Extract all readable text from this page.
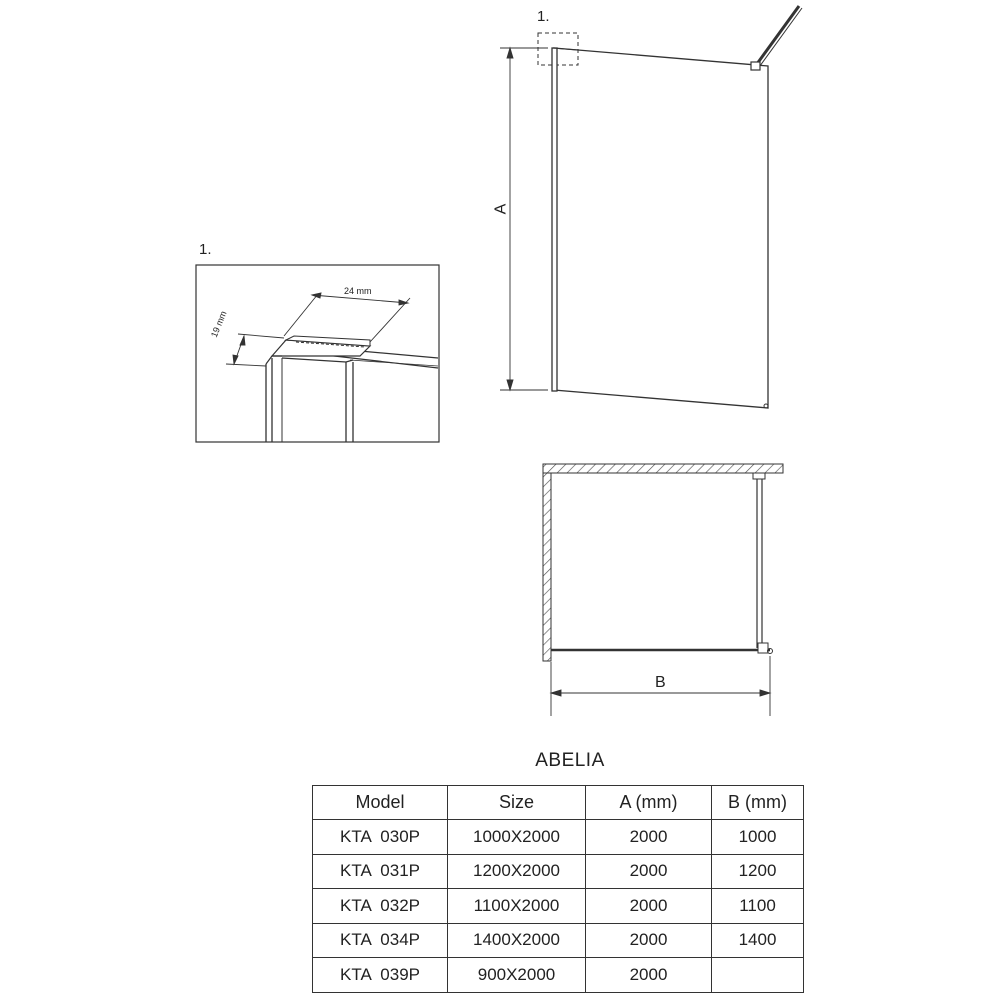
1.
1.
24 mm
19 mm
A
B
ABELIA
Model	Size	A (mm)	B (mm)
KTA  030P	1000X2000	2000	1000
KTA  031P	1200X2000	2000	1200
KTA  032P	1100X2000	2000	1100
KTA  034P	1400X2000	2000	1400
KTA  039P	900X2000	2000	
